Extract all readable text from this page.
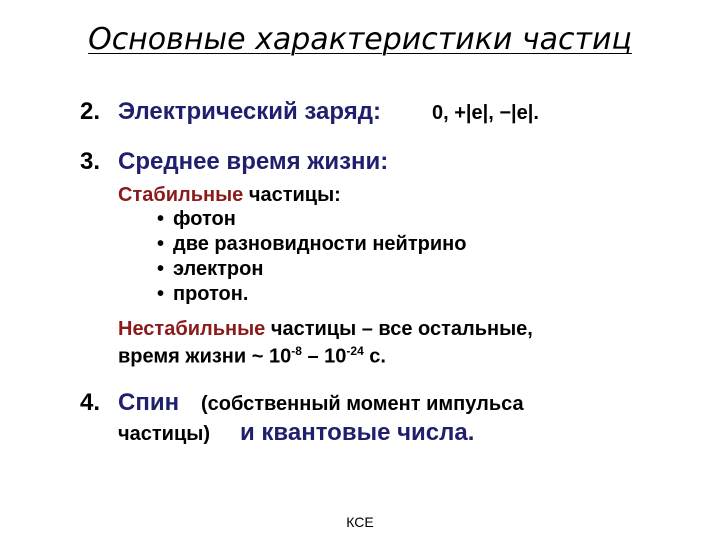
Основные характеристики частиц
2. Электрический заряд:	0, +|e|, −|e|.
3. Среднее время жизни:
Стабильные частицы:
• фотон
• две разновидности нейтрино
• электрон
• протон.
Нестабильные частицы – все остальные,
время жизни ~ $10^{-8} - 10^{-24}$ с.
4. Спин (собственный момент импульса
частицы) и квантовые числа.
КСЕ
